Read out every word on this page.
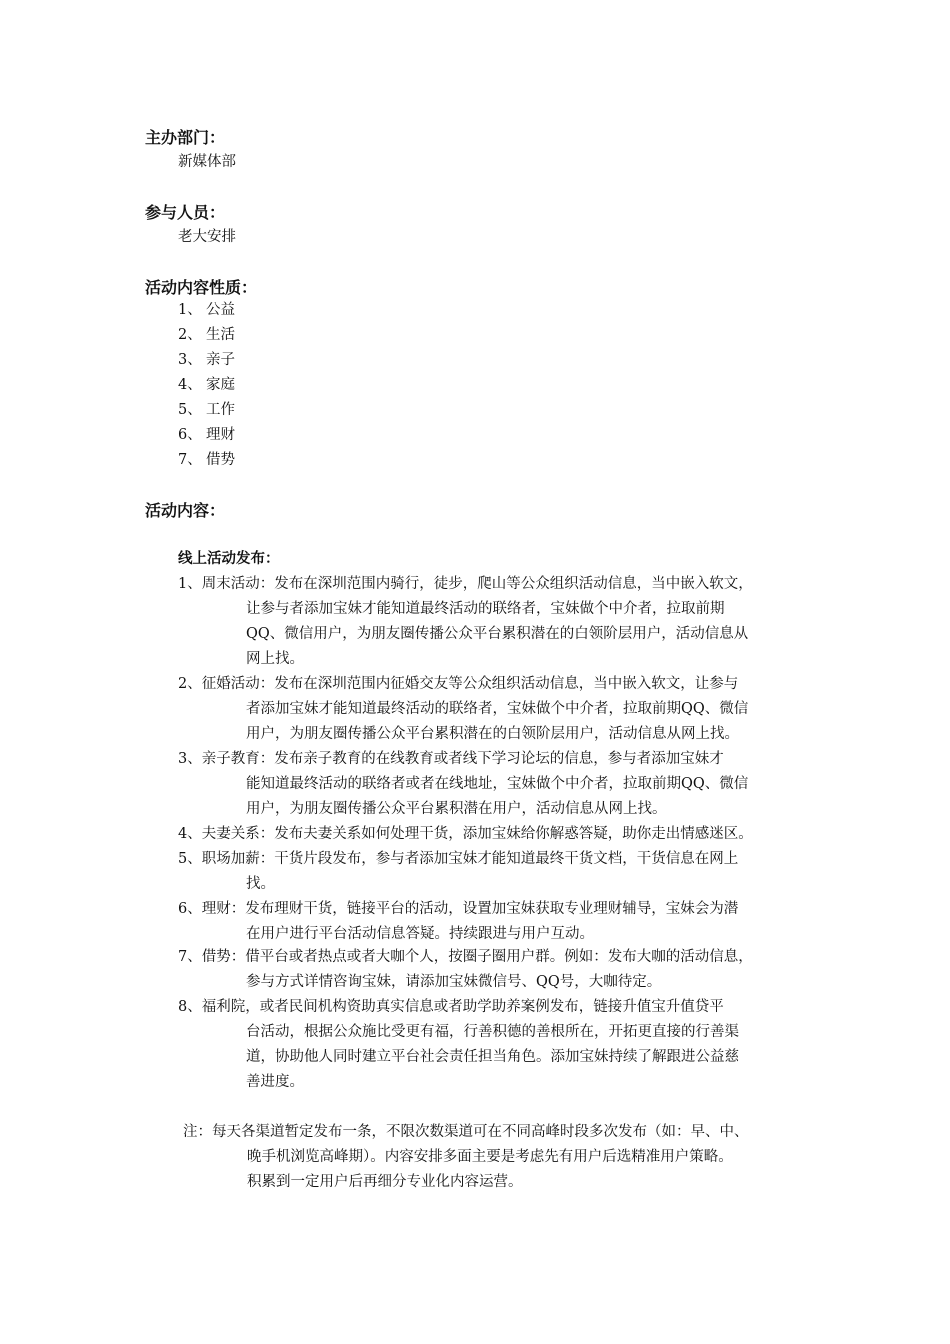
主办部门：
新媒体部
参与人员：
老大安排
活动内容性质：
1、 公益
2、 生活
3、 亲子
4、 家庭
5、 工作
6、 理财
7、 借势
活动内容：
线上活动发布：
1、周末活动：发布在深圳范围内骑行，徒步，爬山等公众组织活动信息，当中嵌入软文，
让参与者添加宝妹才能知道最终活动的联络者，宝妹做个中介者，拉取前期
QQ、微信用户，为朋友圈传播公众平台累积潜在的白领阶层用户，活动信息从
网上找。
2、征婚活动：发布在深圳范围内征婚交友等公众组织活动信息，当中嵌入软文，让参与
者添加宝妹才能知道最终活动的联络者，宝妹做个中介者，拉取前期QQ、微信
用户，为朋友圈传播公众平台累积潜在的白领阶层用户，活动信息从网上找。
3、亲子教育：发布亲子教育的在线教育或者线下学习论坛的信息，参与者添加宝妹才
能知道最终活动的联络者或者在线地址，宝妹做个中介者，拉取前期QQ、微信
用户，为朋友圈传播公众平台累积潜在用户，活动信息从网上找。
4、夫妻关系：发布夫妻关系如何处理干货，添加宝妹给你解惑答疑，助你走出情感迷区。
5、职场加薪：干货片段发布，参与者添加宝妹才能知道最终干货文档，干货信息在网上
找。
6、理财：发布理财干货，链接平台的活动，设置加宝妹获取专业理财辅导，宝妹会为潜
在用户进行平台活动信息答疑。持续跟进与用户互动。
7、借势：借平台或者热点或者大咖个人，按圈子圈用户群。例如：发布大咖的活动信息，
参与方式详情咨询宝妹，请添加宝妹微信号、QQ号，大咖待定。
8、福利院，或者民间机构资助真实信息或者助学助养案例发布，链接升值宝升值贷平
台活动，根据公众施比受更有福，行善积德的善根所在，开拓更直接的行善渠
道，协助他人同时建立平台社会责任担当角色。添加宝妹持续了解跟进公益慈
善进度。
注：每天各渠道暂定发布一条，不限次数渠道可在不同高峰时段多次发布（如：早、中、
晚手机浏览高峰期）。内容安排多面主要是考虑先有用户后选精准用户策略。
积累到一定用户后再细分专业化内容运营。
